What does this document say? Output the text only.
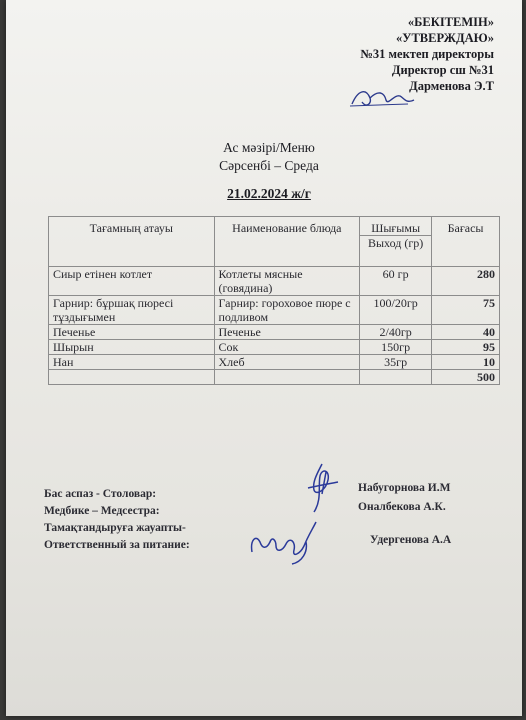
«БЕКІТЕМІН»
«УТВЕРЖДАЮ»
№31 мектеп директоры
Директор сш №31
Дарменова Э.Т
Ас мәзірі/Меню
Сәрсенбі – Среда
21.02.2024 ж/г
Тағамның атауы	Наименование блюда	Шығымы	Бағасы
		Выход (гр)	
Сиыр етінен котлет	Котлеты мясные (говядина)	60 гр	280
Гарнир: бұршақ пюресі тұздығымен	Гарнир: гороховое пюре с подливом	100/20гр	75
Печенье	Печенье	2/40гр	40
Шырын	Сок	150гр	95
Нан	Хлеб	35гр	10
			500
Бас аспаз - Столовар:
Медбике – Медсестра:
Тамақтандыруға жауапты-
Ответственный за питание:
Набугорнова И.М
Оналбекова А.К.
Удергенова А.А
